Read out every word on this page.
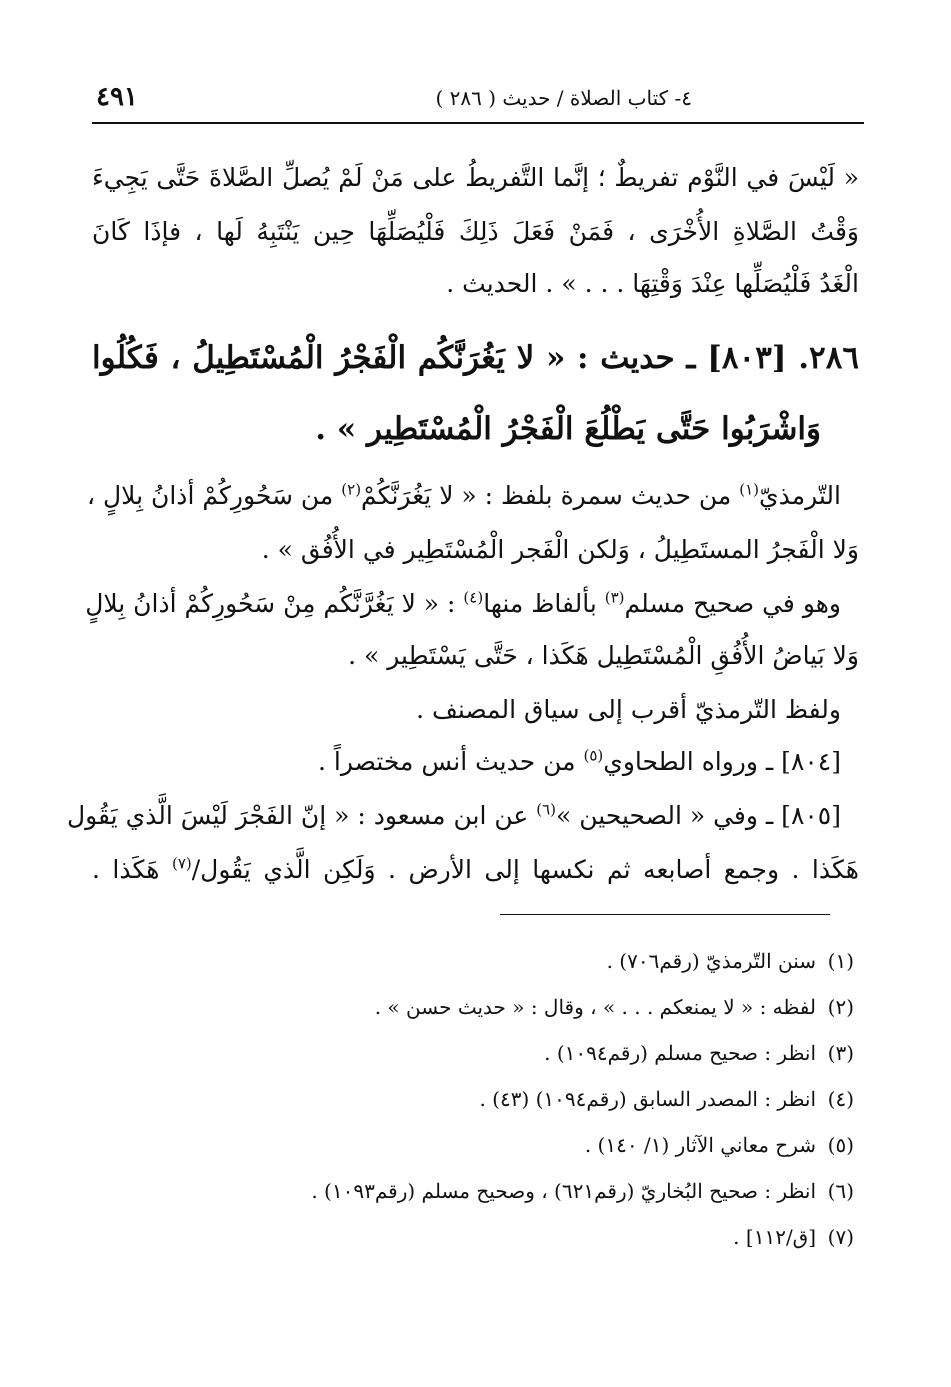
٤- كتاب الصلاة / حديث ( ٢٨٦ )
٤٩١
« لَيْسَ في النَّوْم تفريطٌ ؛ إنَّما التَّفريطُ على مَنْ لَمْ يُصلِّ الصَّلاةَ حَتَّى يَجِيءَ
وَقْتُ الصَّلاةِ الأُخْرَى ، فَمَنْ فَعَلَ ذَلِكَ فَلْيُصَلِّهَا حِين يَنْتَبِهُ لَها ، فإذَا كَانَ
الْغَدُ فَلْيُصَلِّها عِنْدَ وَقْتِهَا . . . » . الحديث .
٢٨٦. [٨٠٣] ـ حديث : « لا يَغُرَنَّكُم الْفَجْرُ الْمُسْتَطِيلُ ، فَكُلُوا
وَاشْرَبُوا حَتَّى يَطْلُعَ الْفَجْرُ الْمُسْتَطِير » .
التّرمذيّ$^{(١)}$ من حديث سمرة بلفظ : « لا يَغُرَنَّكُمْ$^{(٢)}$ من سَحُورِكُمْ أذانُ بِلالٍ ،
وَلا الْفَجرُ المستَطِيلُ ، وَلكن الْفَجر الْمُسْتَطِير في الأُفُق » .
وهو في صحيح مسلم$^{(٣)}$ بألفاظ منها$^{(٤)}$ : « لا يَغُرَّنَّكُم مِنْ سَحُورِكُمْ أذانُ بِلالٍ
وَلا بَياضُ الأُفُقِ الْمُسْتَطِيل هَكَذا ، حَتَّى يَسْتَطِير » .
ولفظ التّرمذيّ أقرب إلى سياق المصنف .
[٨٠٤] ـ ورواه الطحاوي$^{(٥)}$ من حديث أنس مختصراً .
[٨٠٥] ـ وفي « الصحيحين »$^{(٦)}$ عن ابن مسعود : « إنّ الفَجْرَ لَيْسَ الَّذي يَقُول
هَكَذا . وجمع أصابعه ثم نكسها إلى الأرض . وَلَكِن الَّذي يَقُول/$^{(٧)}$ هَكَذا .
(١)سنن التّرمذيّ (رقم٧٠٦) .
(٢)لفظه : « لا يمنعكم . . . » ، وقال : « حديث حسن » .
(٣)انظر : صحيح مسلم (رقم١٠٩٤) .
(٤)انظر : المصدر السابق (رقم١٠٩٤) (٤٣) .
(٥)شرح معاني الآثار (١/ ١٤٠) .
(٦)انظر : صحيح البُخاريّ (رقم٦٢١) ، وصحيح مسلم (رقم١٠٩٣) .
(٧)[ق/١١٢] .
